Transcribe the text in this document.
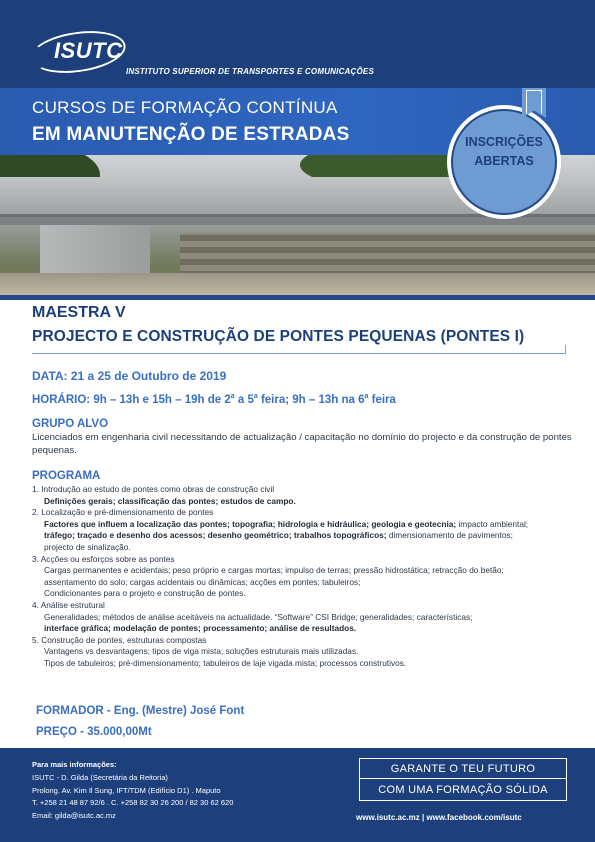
ISUTC
INSTITUTO SUPERIOR DE TRANSPORTES E COMUNICAÇÕES
CURSOS DE FORMAÇÃO CONTÍNUA
EM MANUTENÇÃO DE ESTRADAS	INSCRIÇÕES
ABERTAS
MAESTRA V
PROJECTO E CONSTRUÇÃO DE PONTES PEQUENAS (PONTES I)
DATA: 21 a 25 de Outubro de 2019
HORÁRIO: 9h – 13h e 15h – 19h de 2$^a$ a 5$^a$ feira; 9h – 13h na 6$^a$ feira
GRUPO ALVO
Licenciados em engenharia civil necessitando de actualização / capacitação no domínio do projecto e da construção de pontes pequenas.
PROGRAMA
1. Introdução ao estudo de pontes como obras de construção civil
Definições gerais; classificação das pontes; estudos de campo.
2. Localização e pré-dimensionamento de pontes
Factores que influem a localização das pontes; topografia; hidrologia e hidráulica; geologia e geotecnia; impacto ambiental;
tráfego; traçado e desenho dos acessos; desenho geométrico; trabalhos topográficos; dimensionamento de pavimentos;
projecto de sinalização.
3. Acções ou esforços sobre as pontes
Cargas permanentes e acidentais; peso próprio e cargas mortas; impulso de terras; pressão hidrostática; retracção do betão;
assentamento do solo; cargas acidentais ou dinâmicas; acções em pontes; tabuleiros;
Condicionantes para o projeto e construção de pontes.
4. Análise estrutural
Generalidades; métodos de análise aceitáveis na actualidade. “Software” CSI Bridge; generalidades; características;
interface gráfica; modelação de pontes; processamento; análise de resultados.
5. Construção de pontes, estruturas compostas
Vantagens vs desvantagens; tipos de viga mista; soluções estruturais mais utilizadas.
Tipos de tabuleiros; pré-dimensionamento; tabuleiros de laje vigada mista; processos construtivos.
FORMADOR - Eng. (Mestre) José Font
PREÇO - 35.000,00Mt
Para mais informações:
ISUTC - D. Gilda (Secretária da Reitoria)
Prolong. Av. Kim Il Sung, IFT/TDM (Edifício D1) . Maputo
T. +258 21 48 87 92/6 . C. +258 82 30 26 200 / 82 30 62 620
Email: gilda@isutc.ac.mz
GARANTE O TEU FUTURO
COM UMA FORMAÇÃO SÓLIDA
www.isutc.ac.mz | www.facebook.com/isutc
